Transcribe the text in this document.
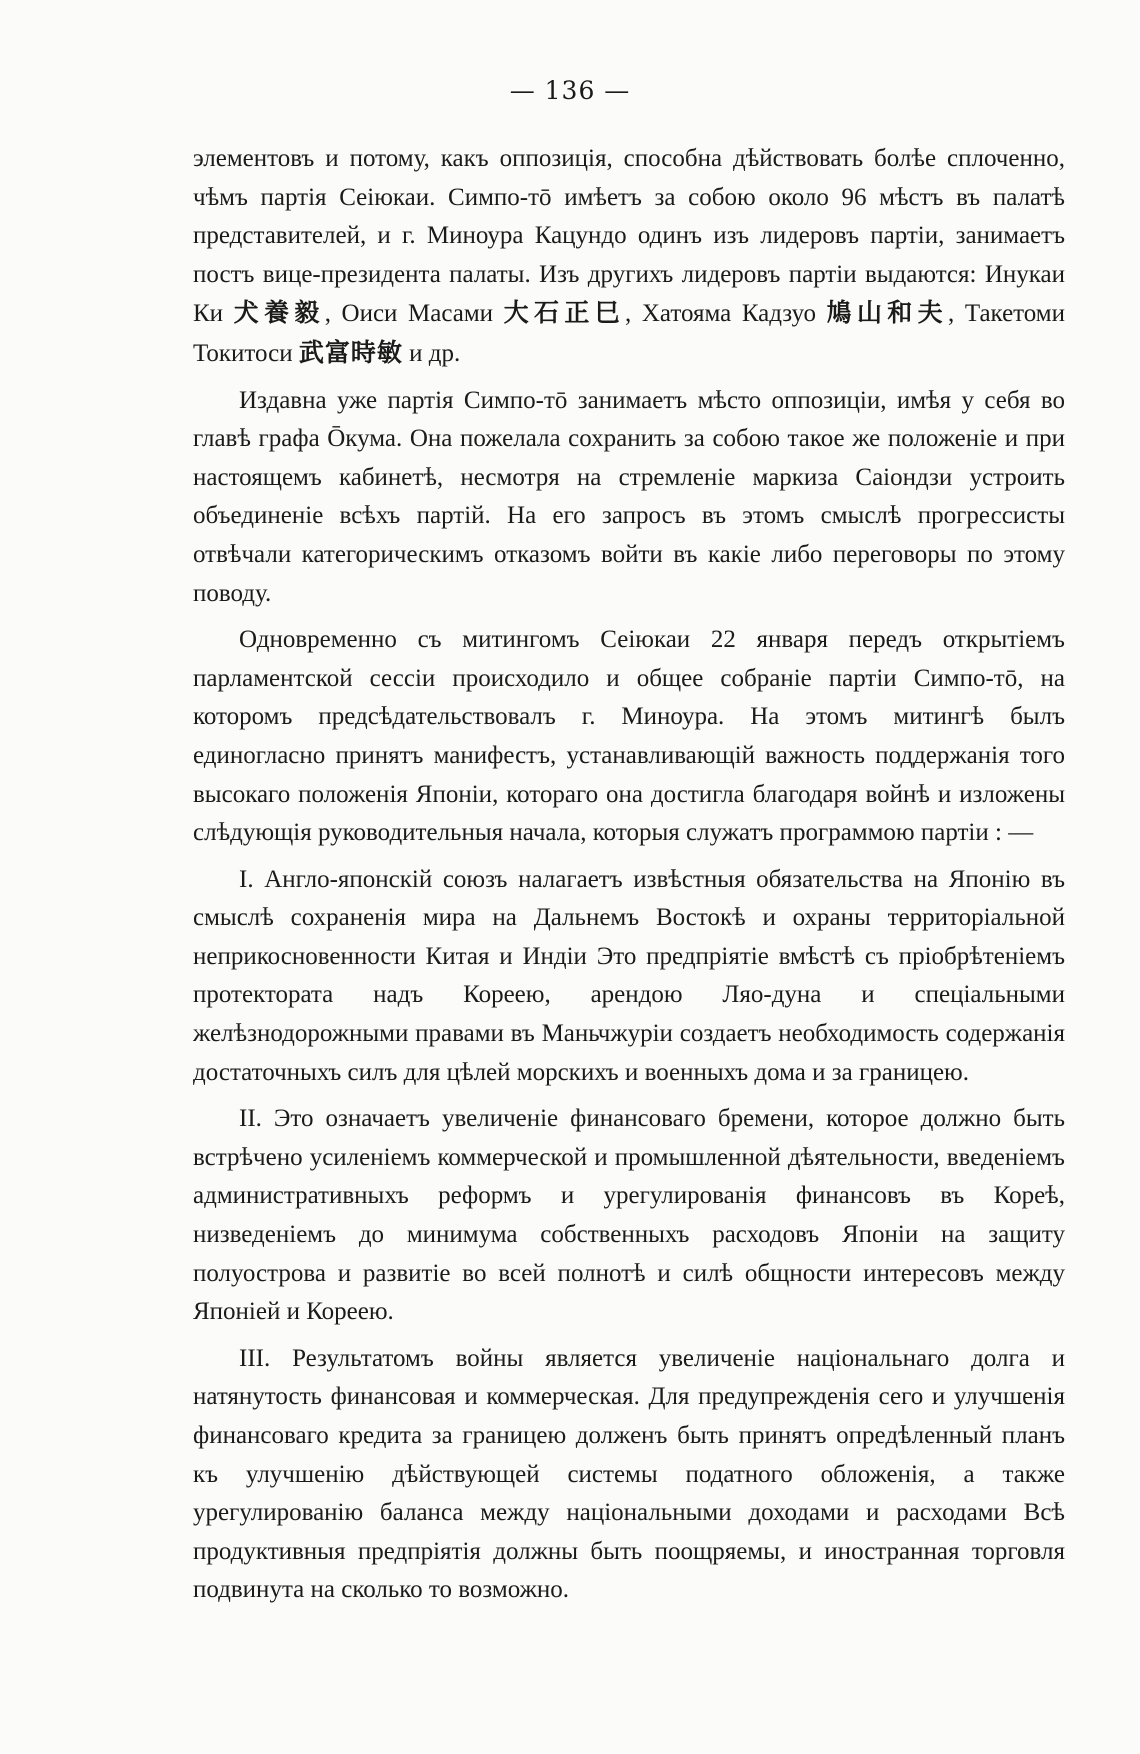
— 136 —
элементовъ и потому, какъ оппозиція, способна дѣйствовать болѣе сплоченно, чѣмъ партія Сеіюкаи. Симпо-тō имѣетъ за собою около 96 мѣстъ въ палатѣ представителей, и г. Миноура Кацундо одинъ изъ лидеровъ партіи, занимаетъ постъ вице-президента палаты. Изъ другихъ лидеровъ партіи выдаются: Инукаи Ки 犬養毅, Оиси Масами 大石正巳, Хатояма Кадзуо 鳩山和夫, Такетоми Токитоси 武富時敏 и др.

Издавна уже партія Симпо-тō занимаетъ мѣсто оппозиціи, имѣя у себя во главѣ графа Ōкума. Она пожелала сохранить за собою такое же положеніе и при настоящемъ кабинетѣ, несмотря на стремленіе маркиза Саіондзи устроить объединеніе всѣхъ партій. На его запросъ въ этомъ смыслѣ прогрессисты отвѣчали категорическимъ отказомъ войти въ какіе либо переговоры по этому поводу.

Одновременно съ митингомъ Сеіюкаи 22 января передъ открытіемъ парламентской сессіи происходило и общее собраніе партіи Симпо-тō, на которомъ предсѣдательствовалъ г. Миноура. На этомъ митингѣ былъ единогласно принятъ манифестъ, устанавливающій важность поддержанія того высокаго положенія Японіи, котораго она достигла благодаря войнѣ и изложены слѣдующія руководительныя начала, которыя служатъ программою партіи : —

I. Англо-японскій союзъ налагаетъ извѣстныя обязательства на Японію въ смыслѣ сохраненія мира на Дальнемъ Востокѣ и охраны территоріальной неприкосновенности Китая и Индіи Это предпріятіе вмѣстѣ съ пріобрѣтеніемъ протектората надъ Кореею, арендою Ляо-дуна и спеціальными желѣзнодорожными правами въ Маньчжуріи создаетъ необходимость содержанія достаточныхъ силъ для цѣлей морскихъ и военныхъ дома и за границею.

II. Это означаетъ увеличеніе финансоваго бремени, которое должно быть встрѣчено усиленіемъ коммерческой и промышленной дѣятельности, введеніемъ административныхъ реформъ и урегулированія финансовъ въ Кореѣ, низведеніемъ до минимума собственныхъ расходовъ Японіи на защиту полуострова и развитіе во всей полнотѣ и силѣ общности интересовъ между Японіей и Кореею.

III. Результатомъ войны является увеличеніе національнаго долга и натянутость финансовая и коммерческая. Для предупрежденія сего и улучшенія финансоваго кредита за границею долженъ быть принятъ опредѣленный планъ къ улучшенію дѣйствующей системы податного обложенія, а также урегулированію баланса между національными доходами и расходами Всѣ продуктивныя предпріятія должны быть поощряемы, и иностранная торговля подвинута на сколько то возможно.
